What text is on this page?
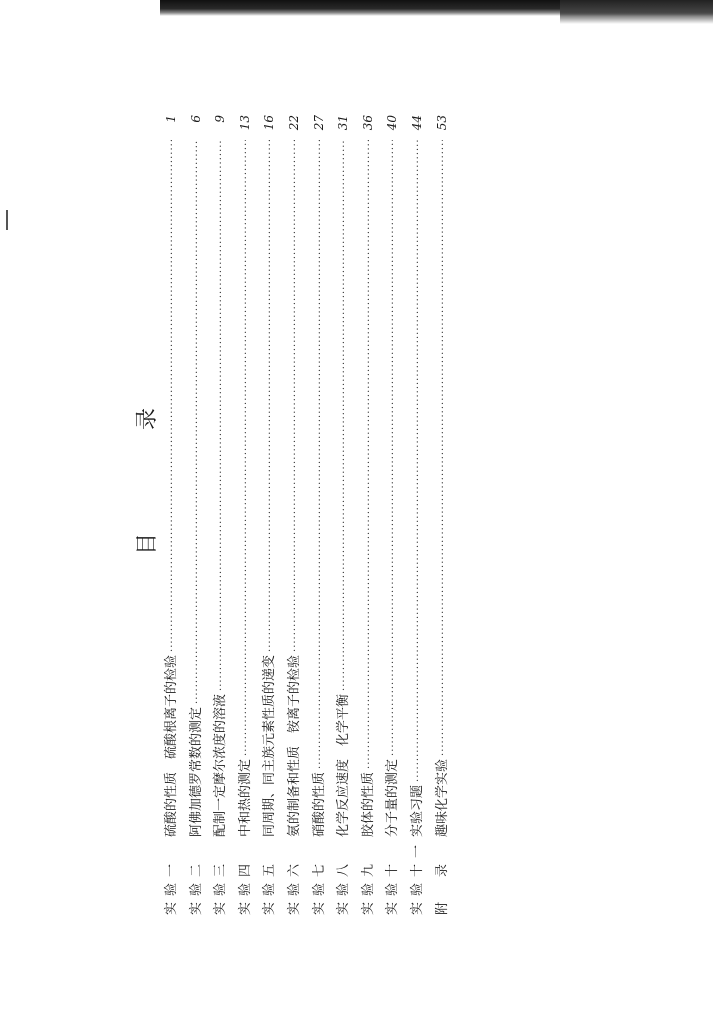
目 录
实验一
硫酸的性质　硫酸根离子的检验
·····
1
实验二
阿佛加德罗常数的测定
·····
6
实验三
配制一定摩尔浓度的溶液
·····
9
实验四
中和热的测定
·····
13
实验五
同周期、同主族元素性质的递变
·····
16
实验六
氨的制备和性质　铵离子的检验
·····
22
实验七
硝酸的性质
·····
27
实验八
化学反应速度　化学平衡
·····
31
实验九
胶体的性质
·····
36
实验十
分子量的测定
·····
40
实验十一
实验习题
·····
44
附　录
趣味化学实验
·····
53
